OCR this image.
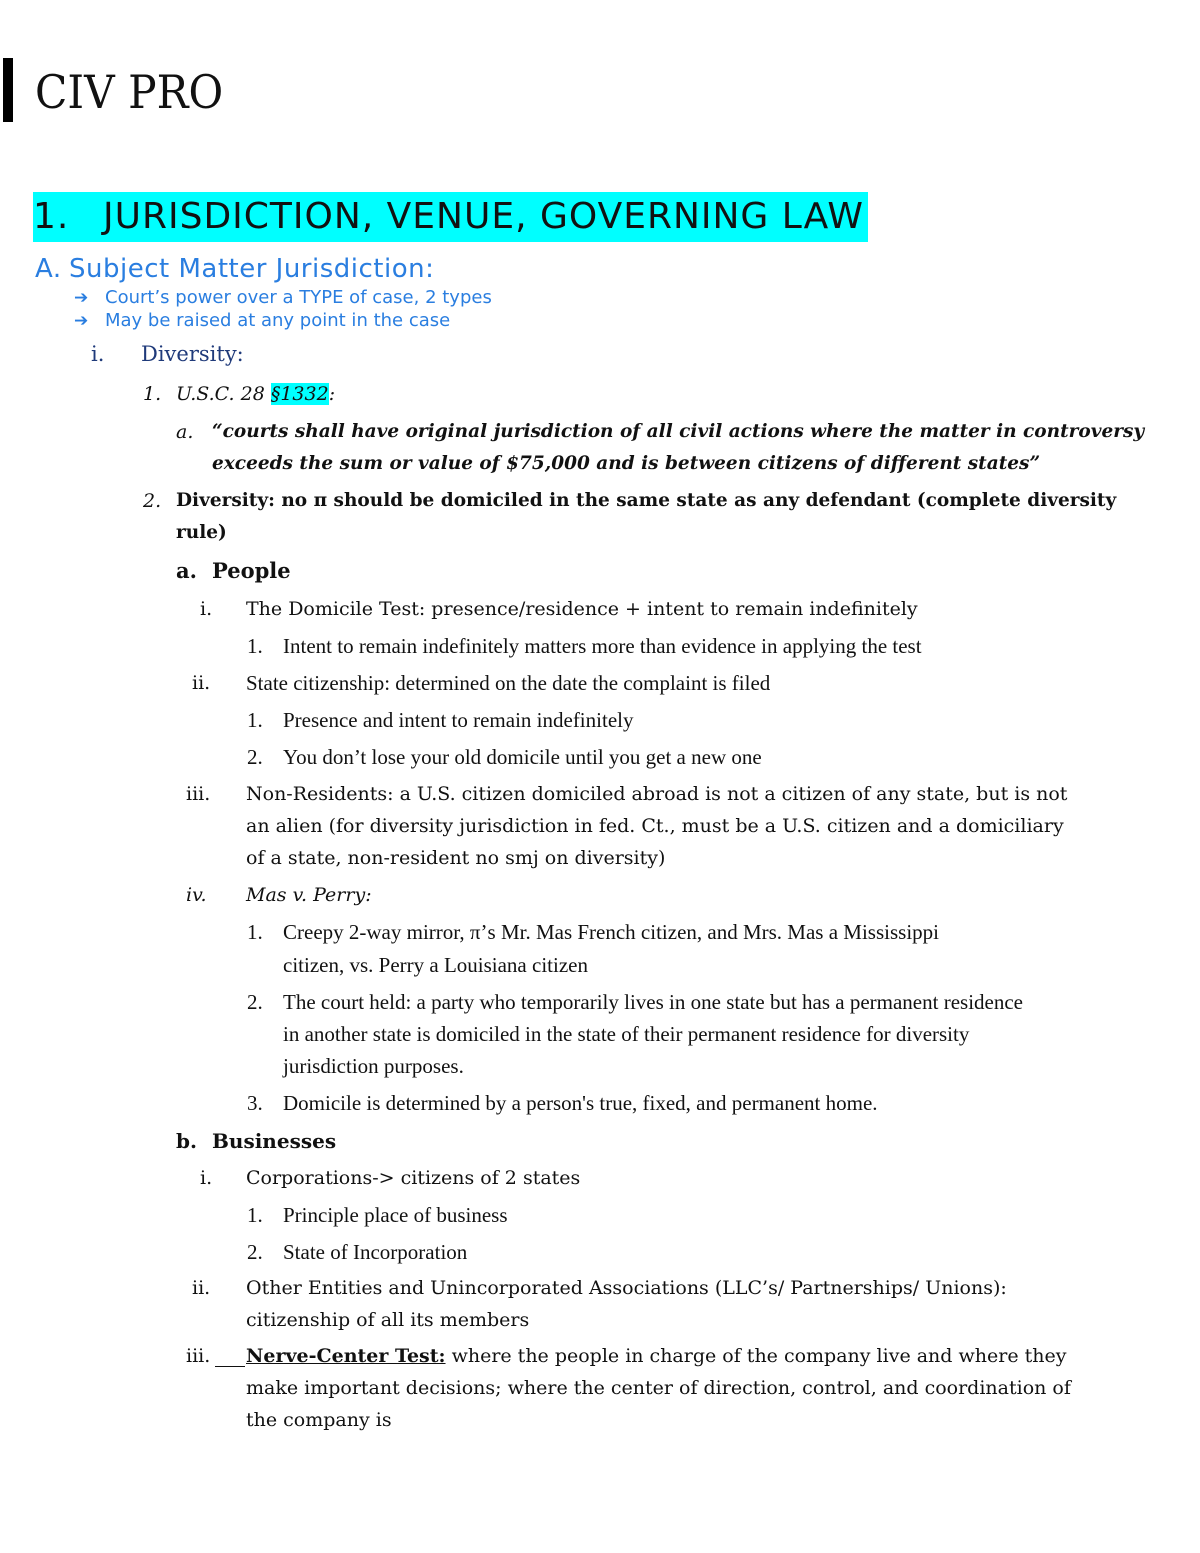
CIV PRO
1. JURISDICTION, VENUE, GOVERNING LAW
A. Subject Matter Jurisdiction:
➔ Court’s power over a TYPE of case, 2 types
➔ May be raised at any point in the case
i. Diversity:
1. U.S.C. 28 §1332:
a. “courts shall have original jurisdiction of all civil actions where the matter in controversy
exceeds the sum or value of $75,000 and is between citizens of different states”
2. Diversity: no π should be domiciled in the same state as any defendant (complete diversity
rule)
a. People
i. The Domicile Test: presence/residence + intent to remain indefinitely
1. Intent to remain indefinitely matters more than evidence in applying the test
ii. State citizenship: determined on the date the complaint is filed
1. Presence and intent to remain indefinitely
2. You don’t lose your old domicile until you get a new one
iii. Non-Residents: a U.S. citizen domiciled abroad is not a citizen of any state, but is not
an alien (for diversity jurisdiction in fed. Ct., must be a U.S. citizen and a domiciliary
of a state, non-resident no smj on diversity)
iv. Mas v. Perry:
1. Creepy 2-way mirror, π’s Mr. Mas French citizen, and Mrs. Mas a Mississippi
citizen, vs. Perry a Louisiana citizen
2. The court held: a party who temporarily lives in one state but has a permanent residence
in another state is domiciled in the state of their permanent residence for diversity
jurisdiction purposes.
3. Domicile is determined by a person's true, fixed, and permanent home.
b. Businesses
i. Corporations-> citizens of 2 states
1. Principle place of business
2. State of Incorporation
ii. Other Entities and Unincorporated Associations (LLC’s/ Partnerships/ Unions):
citizenship of all its members
iii. Nerve-Center Test: where the people in charge of the company live and where they
make important decisions; where the center of direction, control, and coordination of
the company is
